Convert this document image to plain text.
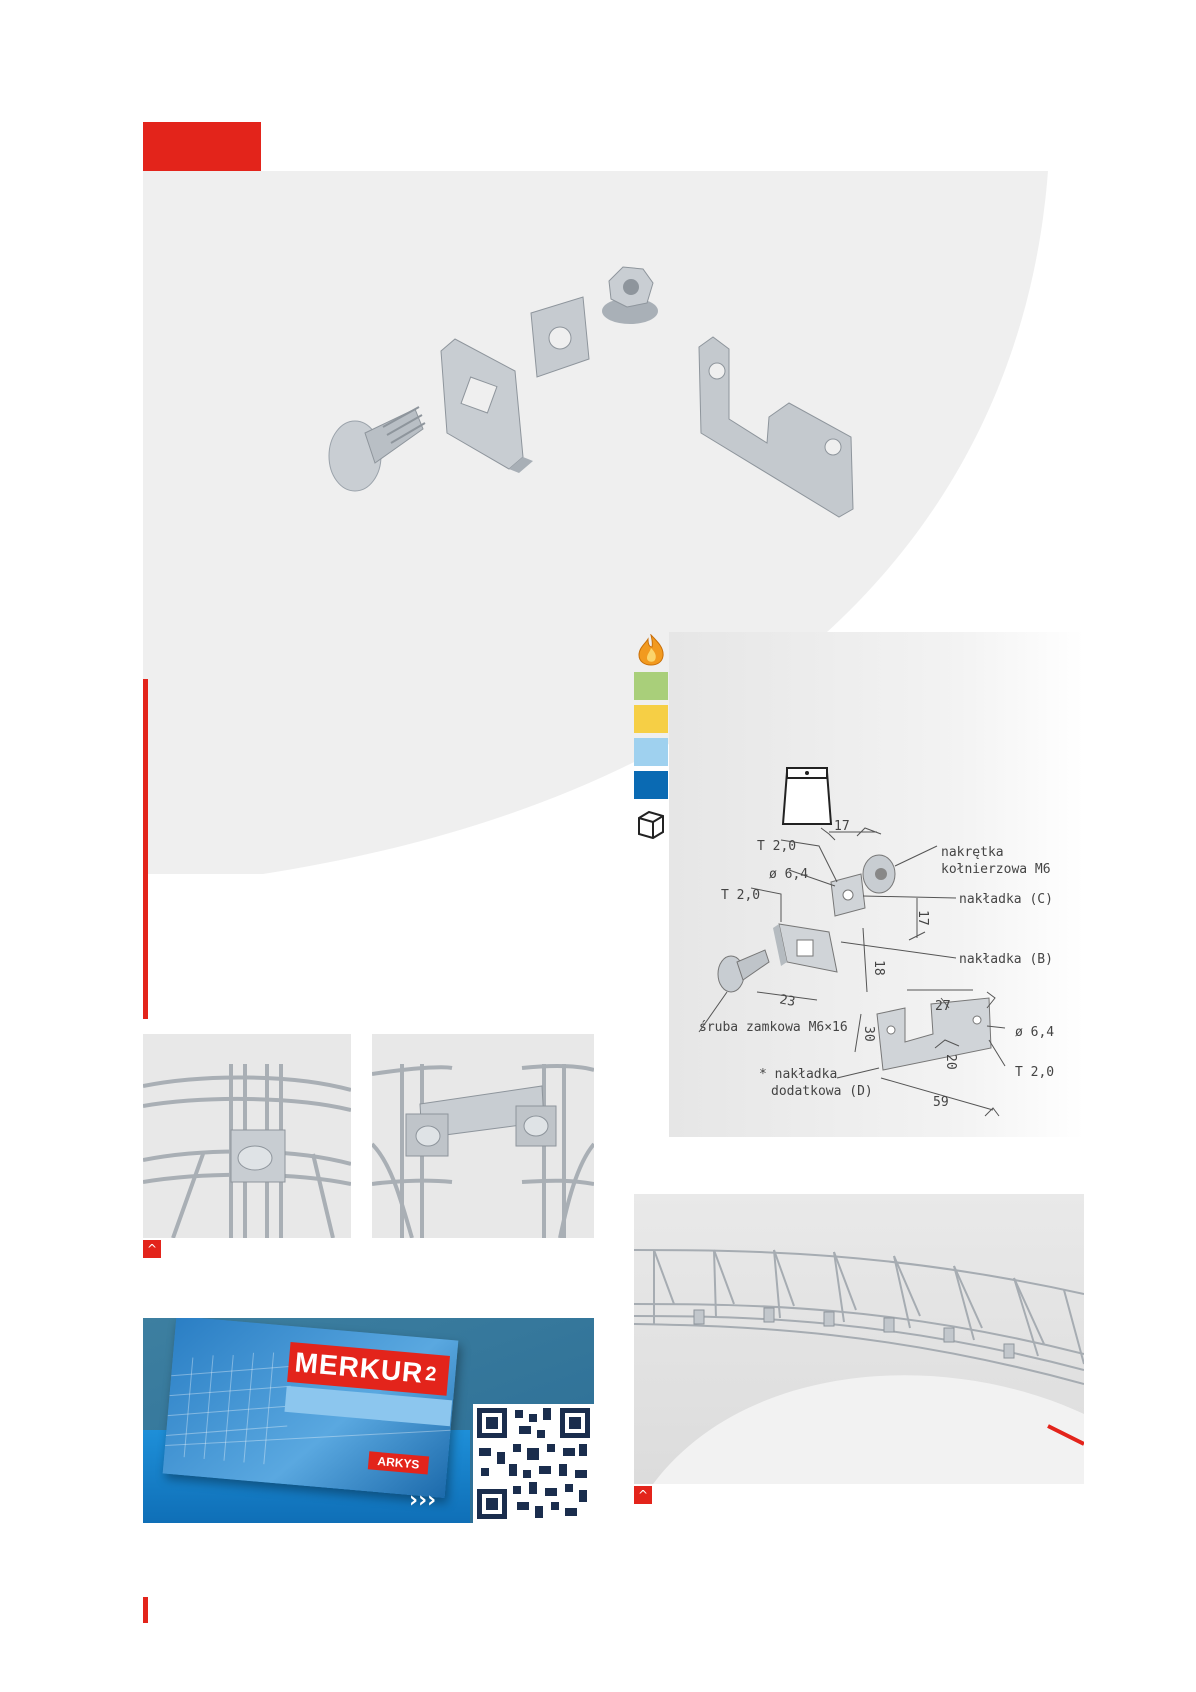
T 2,0
17
ø 6,4
T 2,0
17
18
23	27
30
20
ø 6,4
59
T 2,0
nakrętka
kołnierzowa M6
nakładka (C)
nakładka (B)
śruba zamkowa M6×16
* nakładka
dodatkowa (D)
^
^
$MERKUR_2$
ARKYS
›››
